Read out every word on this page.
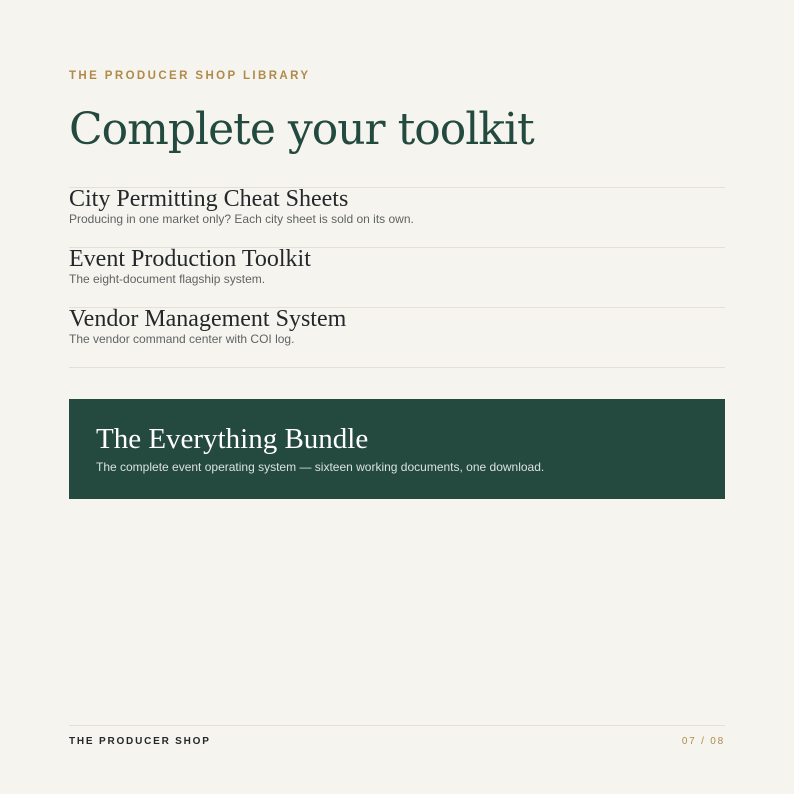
THE PRODUCER SHOP LIBRARY
Complete your toolkit
City Permitting Cheat Sheets
Producing in one market only? Each city sheet is sold on its own.
Event Production Toolkit
The eight-document flagship system.
Vendor Management System
The vendor command center with COI log.
The Everything Bundle
The complete event operating system — sixteen working documents, one download.
THE PRODUCER SHOP	07 / 08
